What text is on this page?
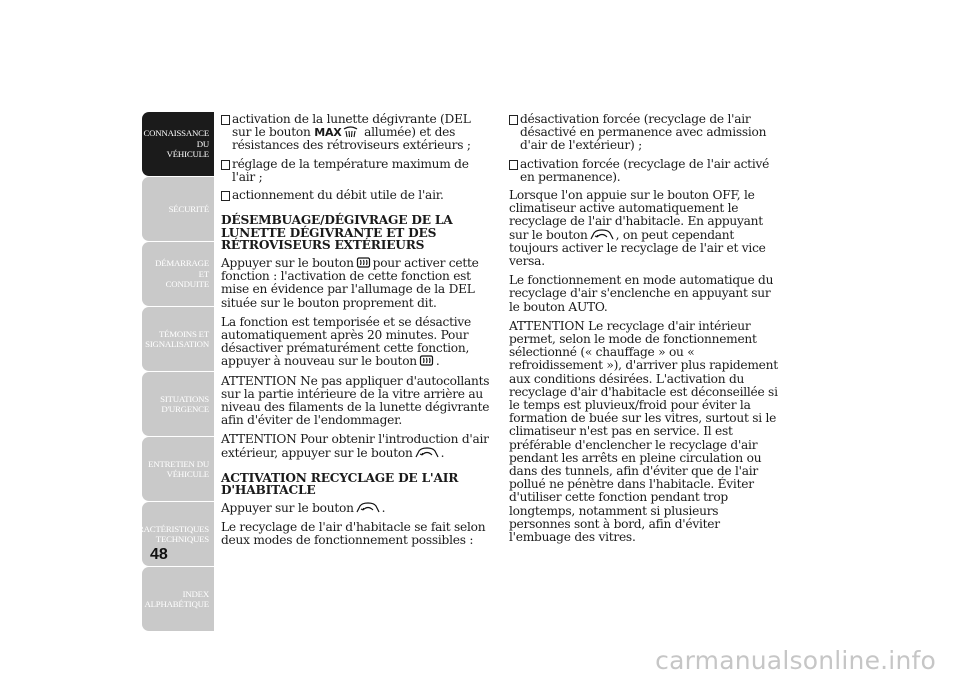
CONNAISSANCE DU
VÉHICULE
SÉCURITÉ
DÉMARRAGE ET
CONDUITE
TÉMOINS ET
SIGNALISATION
SITUATIONS
D'URGENCE
ENTRETIEN DU
VÉHICULE
CARACTÉRISTIQUES
TECHNIQUES
INDEX
ALPHABÉTIQUE
48
activation de la lunette dégivrante (DEL sur le bouton MAX allumée) et des résistances des rétroviseurs extérieurs ;
réglage de la température maximum de l'air ;
actionnement du débit utile de l'air.
DÉSEMBUAGE/DÉGIVRAGE DE LA LUNETTE DÉGIVRANTE ET DES RÉTROVISEURS EXTÉRIEURS

Appuyer sur le bouton pour activer cette fonction : l'activation de cette fonction est mise en évidence par l'allumage de la DEL située sur le bouton proprement dit.

La fonction est temporisée et se désactive automatiquement après 20 minutes. Pour désactiver prématurément cette fonction, appuyer à nouveau sur le bouton .

ATTENTION Ne pas appliquer d'autocollants sur la partie intérieure de la vitre arrière au niveau des filaments de la lunette dégivrante afin d'éviter de l'endommager.

ATTENTION Pour obtenir l'introduction d'air extérieur, appuyer sur le bouton .

ACTIVATION RECYCLAGE DE L'AIR D'HABITACLE

Appuyer sur le bouton .

Le recyclage de l'air d'habitacle se fait selon deux modes de fonctionnement possibles :

désactivation forcée (recyclage de l'air désactivé en permanence avec admission d'air de l'extérieur) ;
activation forcée (recyclage de l'air activé en permanence).

Lorsque l'on appuie sur le bouton OFF, le climatiseur active automatiquement le recyclage de l'air d'habitacle. En appuyant sur le bouton , on peut cependant toujours activer le recyclage de l'air et vice versa.

Le fonctionnement en mode automatique du recyclage d'air s'enclenche en appuyant sur le bouton AUTO.

ATTENTION Le recyclage d'air intérieur permet, selon le mode de fonctionnement sélectionné (« chauffage » ou « refroidissement »), d'arriver plus rapidement aux conditions désirées. L'activation du recyclage d'air d'habitacle est déconseillée si le temps est pluvieux/froid pour éviter la formation de buée sur les vitres, surtout si le climatiseur n'est pas en service. Il est préférable d'enclencher le recyclage d'air pendant les arrêts en pleine circulation ou dans des tunnels, afin d'éviter que de l'air pollué ne pénètre dans l'habitacle. Éviter d'utiliser cette fonction pendant trop longtemps, notamment si plusieurs personnes sont à bord, afin d'éviter l'embuage des vitres.

carmanualsonline.info
